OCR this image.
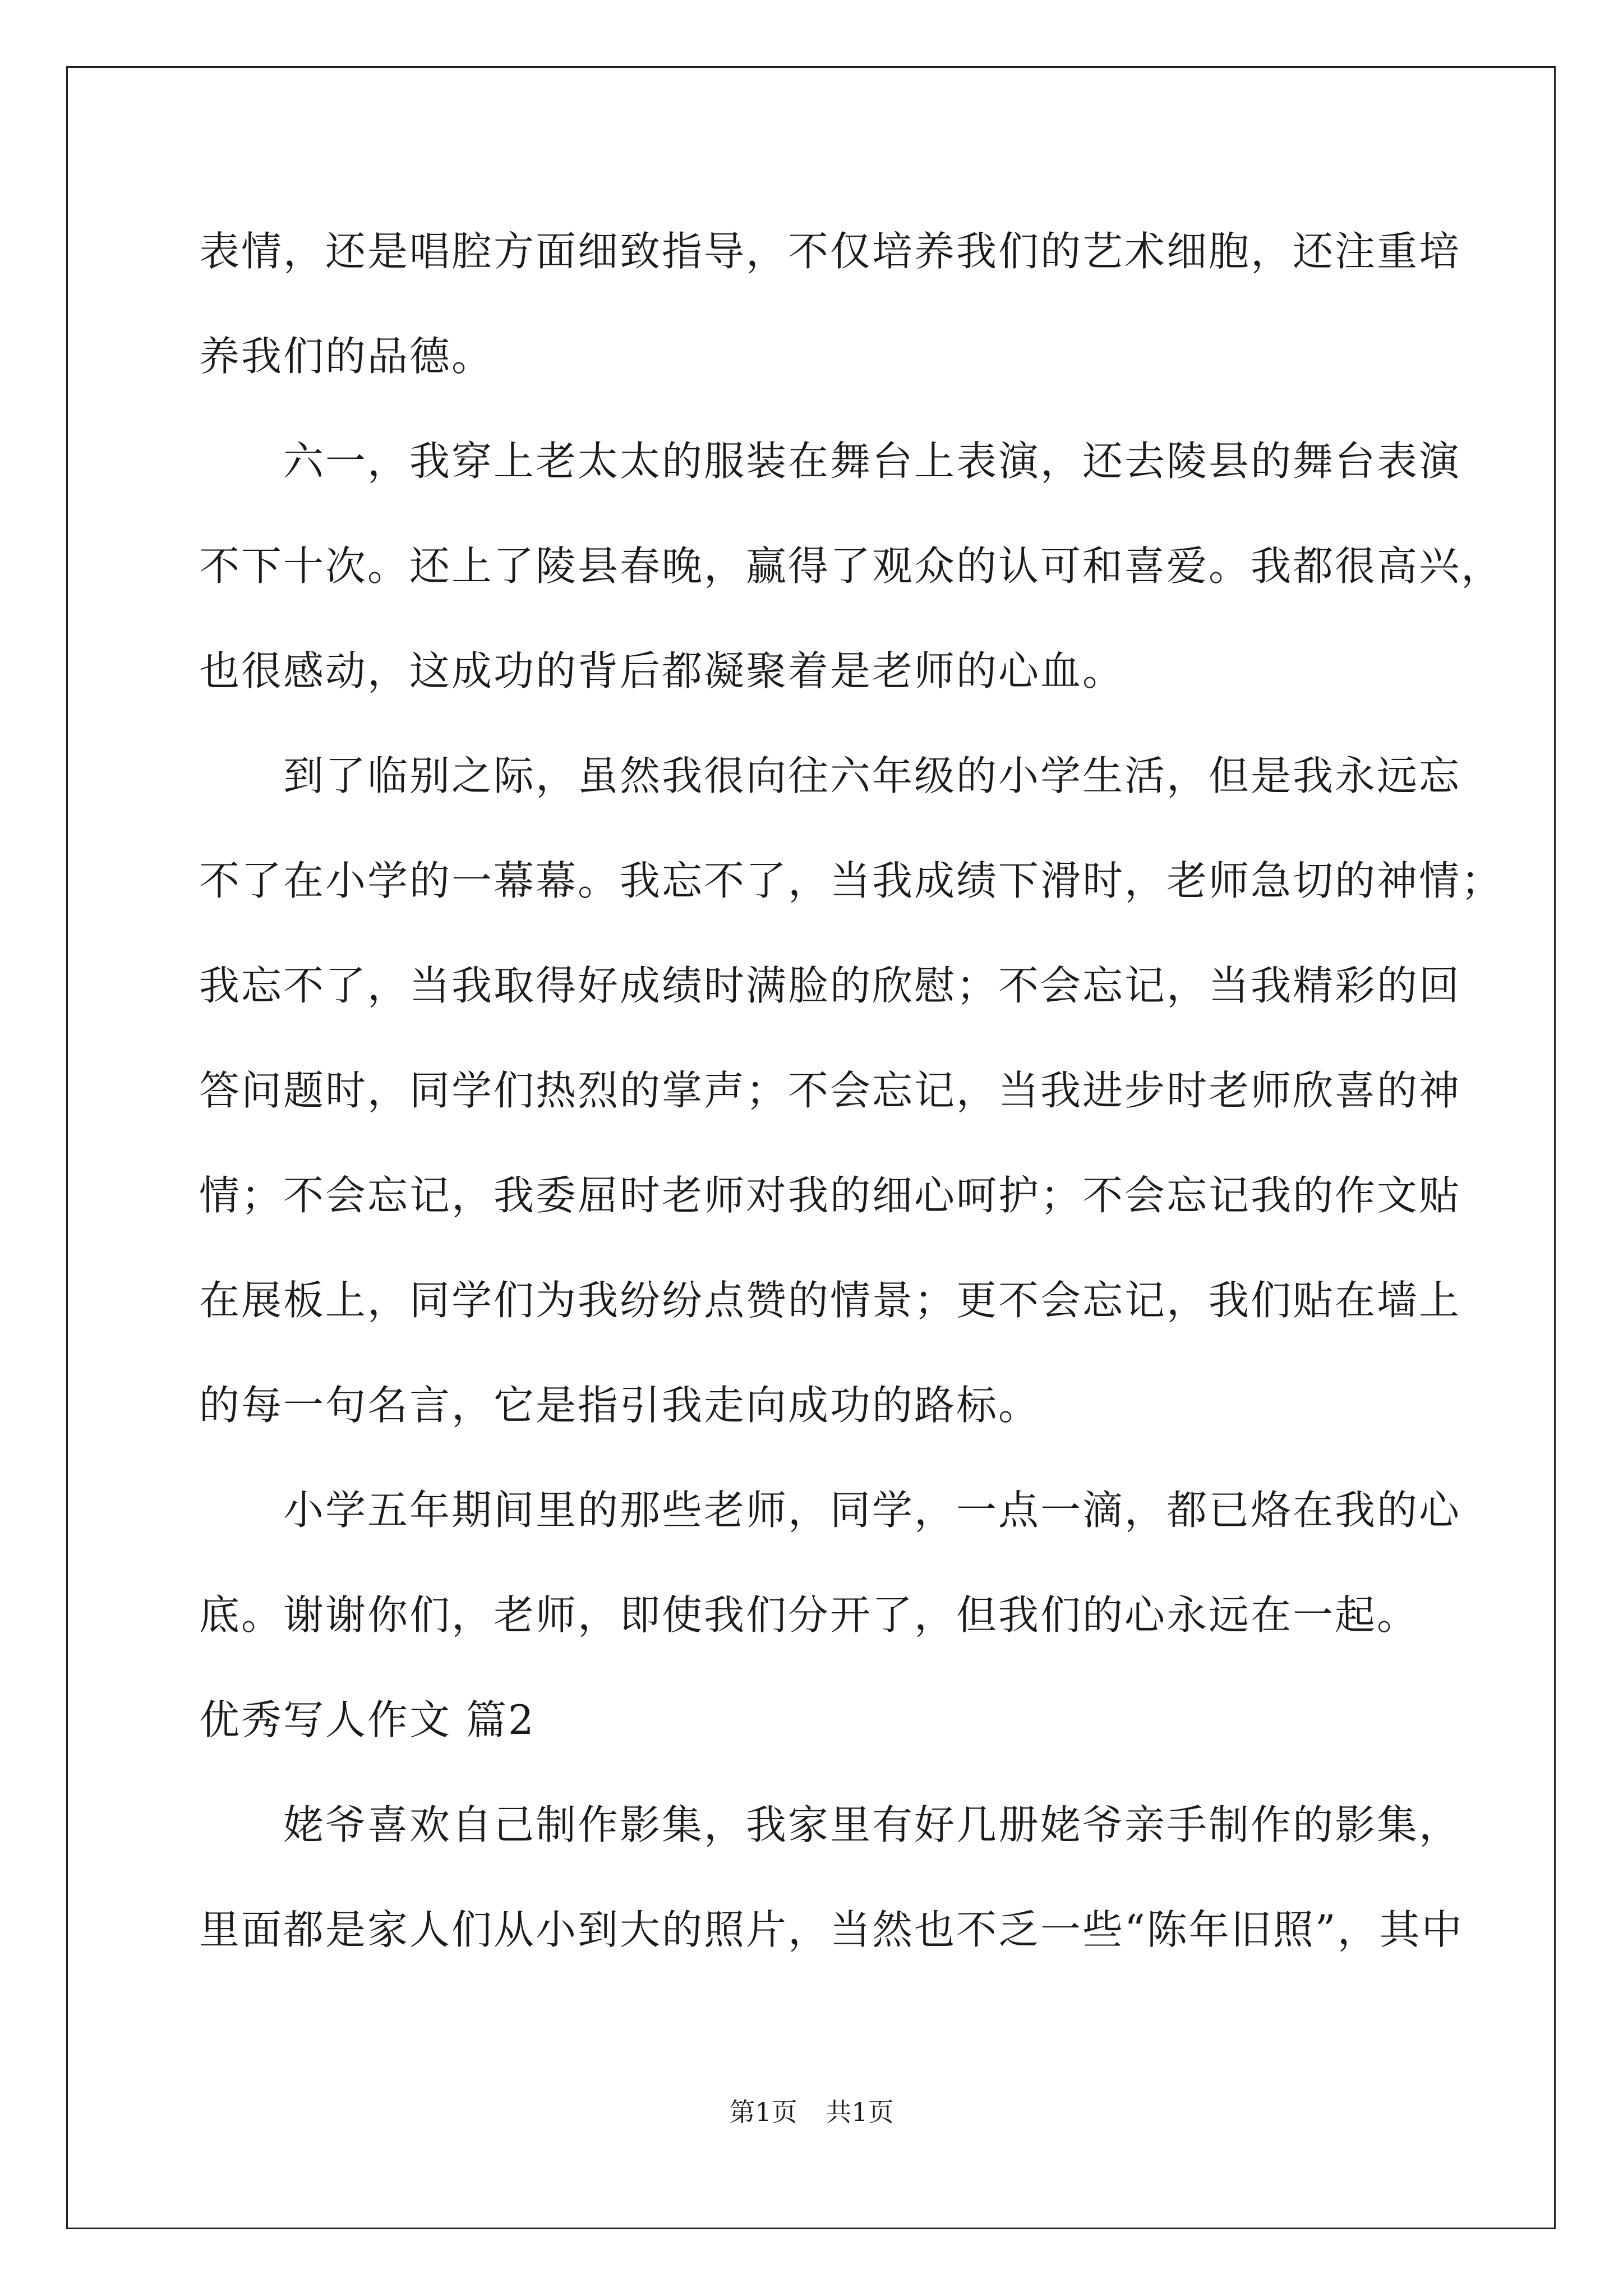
表情，还是唱腔方面细致指导，不仅培养我们的艺术细胞，还注重培
养我们的品德。
　　六一，我穿上老太太的服装在舞台上表演，还去陵县的舞台表演
不下十次。还上了陵县春晚，赢得了观众的认可和喜爱。我都很高兴，
也很感动，这成功的背后都凝聚着是老师的心血。
　　到了临别之际，虽然我很向往六年级的小学生活，但是我永远忘
不了在小学的一幕幕。我忘不了，当我成绩下滑时，老师急切的神情；
我忘不了，当我取得好成绩时满脸的欣慰；不会忘记，当我精彩的回
答问题时，同学们热烈的掌声；不会忘记，当我进步时老师欣喜的神
情；不会忘记，我委屈时老师对我的细心呵护；不会忘记我的作文贴
在展板上，同学们为我纷纷点赞的情景；更不会忘记，我们贴在墙上
的每一句名言，它是指引我走向成功的路标。
　　小学五年期间里的那些老师，同学，一点一滴，都已烙在我的心
底。谢谢你们，老师，即使我们分开了，但我们的心永远在一起。
优秀写人作文 篇2
　　姥爷喜欢自己制作影集，我家里有好几册姥爷亲手制作的影集，
里面都是家人们从小到大的照片，当然也不乏一些“陈年旧照”，其中
第1页 共1页
